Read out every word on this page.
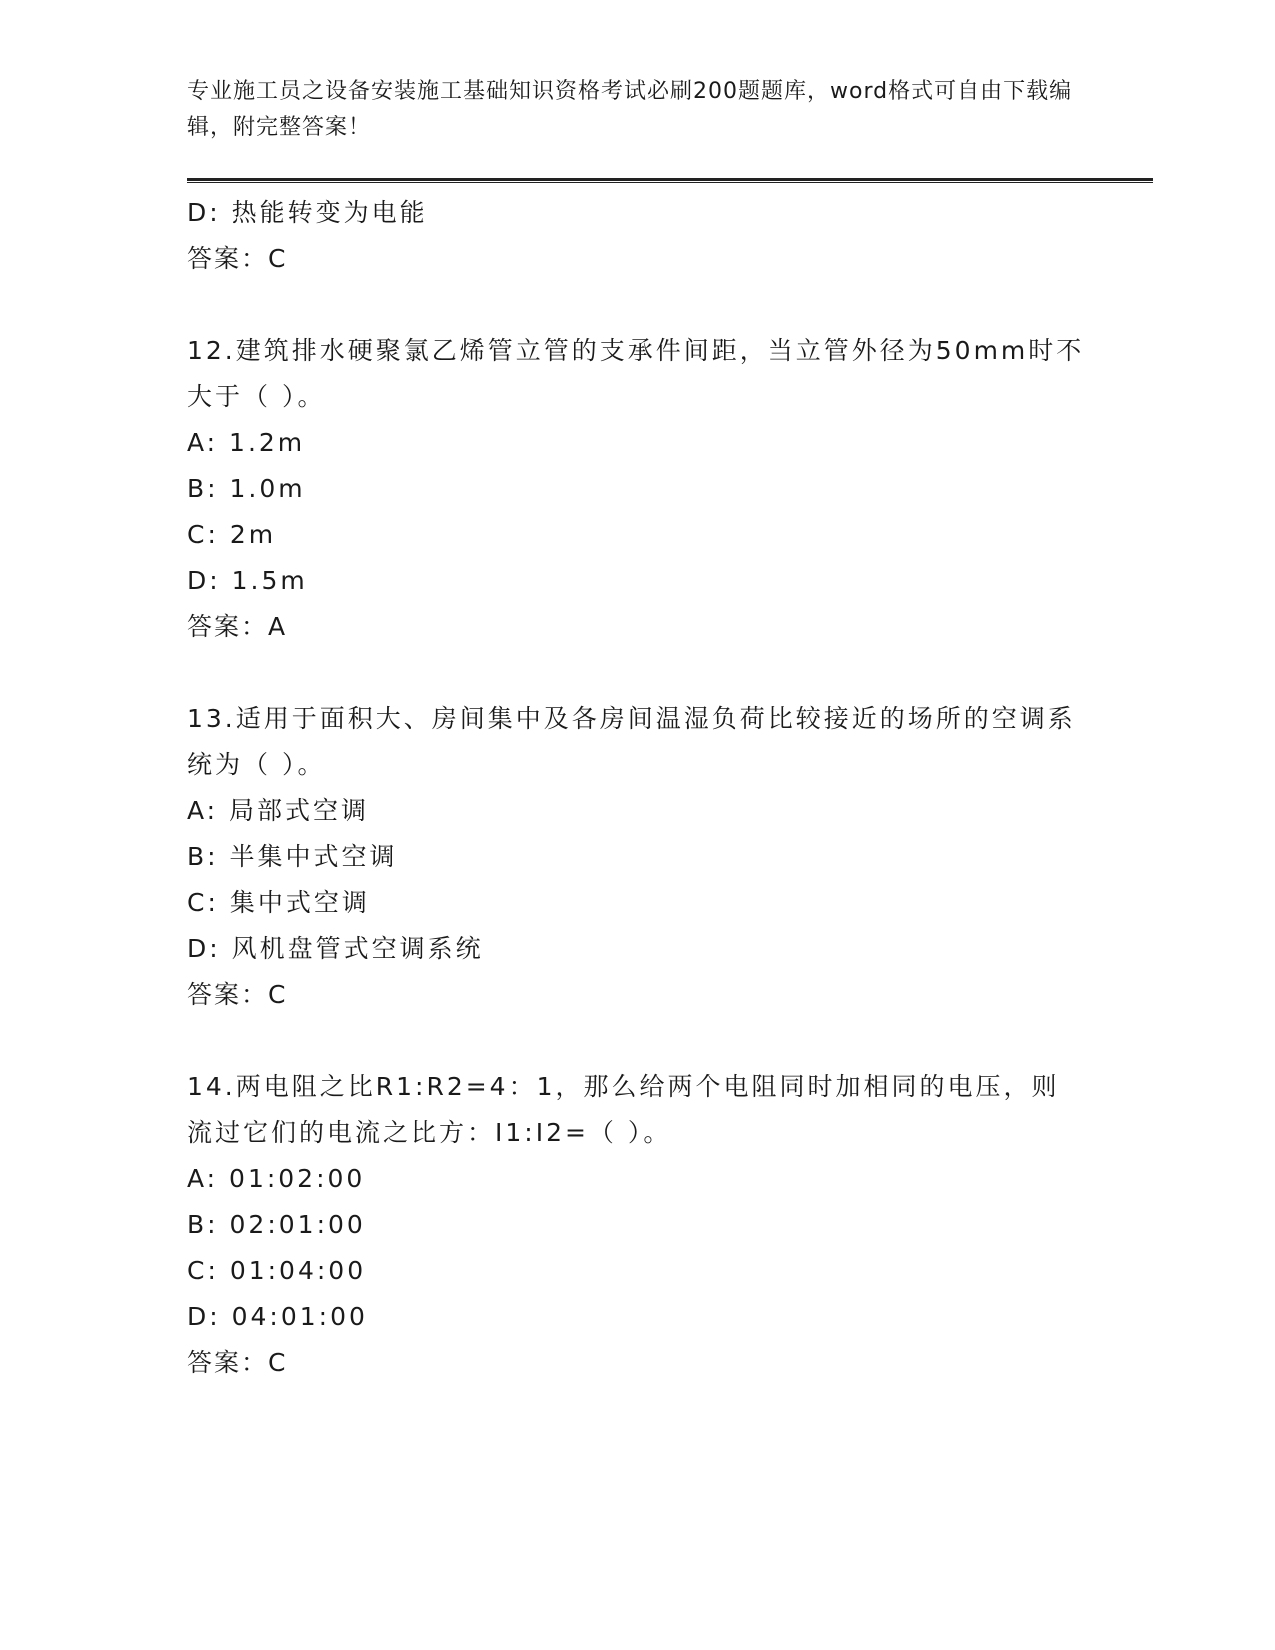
专业施工员之设备安装施工基础知识资格考试必刷200题题库，word格式可自由下载编辑，附完整答案！
D: 热能转变为电能
答案：C
12.建筑排水硬聚氯乙烯管立管的支承件间距，当立管外径为50mm时不大于（ ）。
A: 1.2m
B: 1.0m
C: 2m
D: 1.5m
答案：A
13.适用于面积大、房间集中及各房间温湿负荷比较接近的场所的空调系统为（ ）。
A: 局部式空调
B: 半集中式空调
C: 集中式空调
D: 风机盘管式空调系统
答案：C
14.两电阻之比R1:R2=4：1，那么给两个电阻同时加相同的电压，则流过它们的电流之比方：I1:I2=（ ）。
A: 01:02:00
B: 02:01:00
C: 01:04:00
D: 04:01:00
答案：C
